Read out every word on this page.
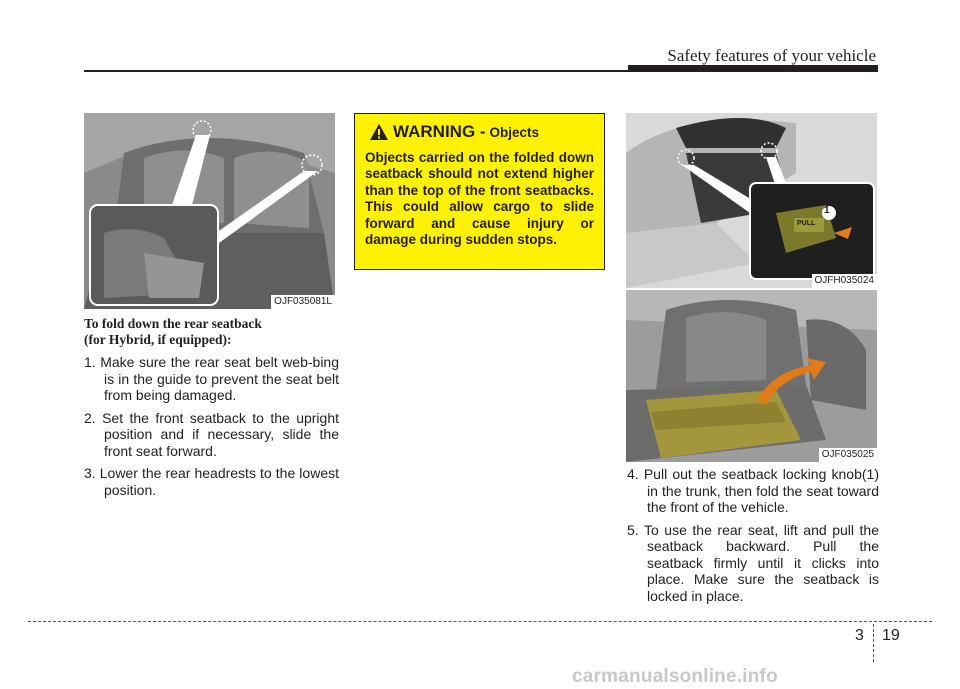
Safety features of your vehicle
OJF035081L

To fold down the rear seatback
(for Hybrid, if equipped):

1. Make sure the rear seat belt web-bing is in the guide to prevent the seat belt from being damaged.

2. Set the front seatback to the upright position and if necessary, slide the front seat forward.

3. Lower the rear headrests to the lowest position.

WARNING - Objects
Objects carried on the folded down seatback should not extend higher than the top of the front seatbacks. This could allow cargo to slide forward and cause injury or damage during sudden stops.
1
PULL
OJFH035024
OJF035025

4. Pull out the seatback locking knob(1) in the trunk, then fold the seat toward the front of the vehicle.

5. To use the rear seat, lift and pull the seatback backward. Pull the seatback firmly until it clicks into place. Make sure the seatback is locked in place.

3 19
carmanualsonline.info
